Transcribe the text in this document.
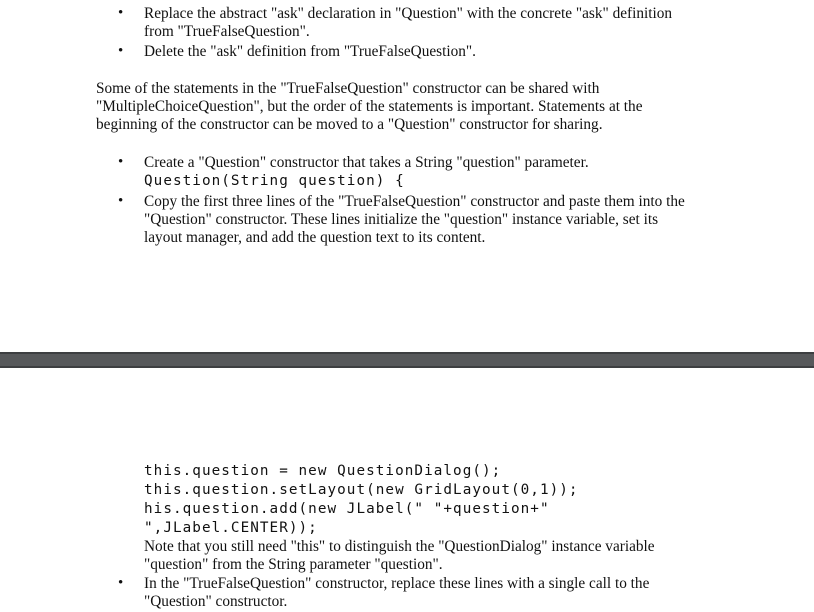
• Replace the abstract "ask" declaration in "Question" with the concrete "ask" definition
from "TrueFalseQuestion".
• Delete the "ask" definition from "TrueFalseQuestion".
Some of the statements in the "TrueFalseQuestion" constructor can be shared with
"MultipleChoiceQuestion", but the order of the statements is important. Statements at the
beginning of the constructor can be moved to a "Question" constructor for sharing.
• Create a "Question" constructor that takes a String "question" parameter.
Question(String question) {
• Copy the first three lines of the "TrueFalseQuestion" constructor and paste them into the
"Question" constructor. These lines initialize the "question" instance variable, set its
layout manager, and add the question text to its content.
this.question = new QuestionDialog();
this.question.setLayout(new GridLayout(0,1));
his.question.add(new JLabel(" "+question+"
",JLabel.CENTER));
Note that you still need "this" to distinguish the "QuestionDialog" instance variable
"question" from the String parameter "question".
• In the "TrueFalseQuestion" constructor, replace these lines with a single call to the
"Question" constructor.
